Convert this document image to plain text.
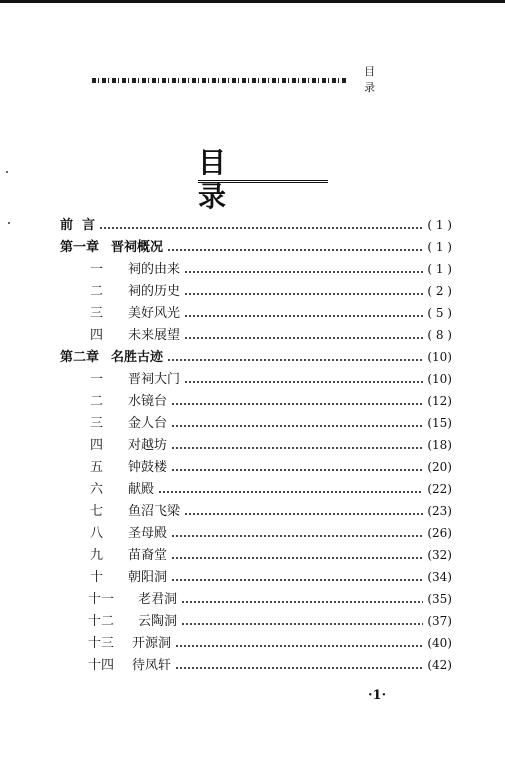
目 录
目 录
前  言	( 1 )
第一章 晋祠概况	( 1 )
一	祠的由来	( 1 )
二	祠的历史	( 2 )
三	美好风光	( 5 )
四	未来展望	( 8 )
第二章 名胜古迹	(10)
一	晋祠大门	(10)
二	水镜台	(12)
三	金人台	(15)
四	对越坊	(18)
五	钟鼓楼	(20)
六	献殿	(22)
七	鱼沼飞梁	(23)
八	圣母殿	(26)
九	苗裔堂	(32)
十	朝阳洞	(34)
十一	老君洞	(35)
十二	云陶洞	(37)
十三	开源洞	(40)
十四	待凤轩	(42)
·1·
